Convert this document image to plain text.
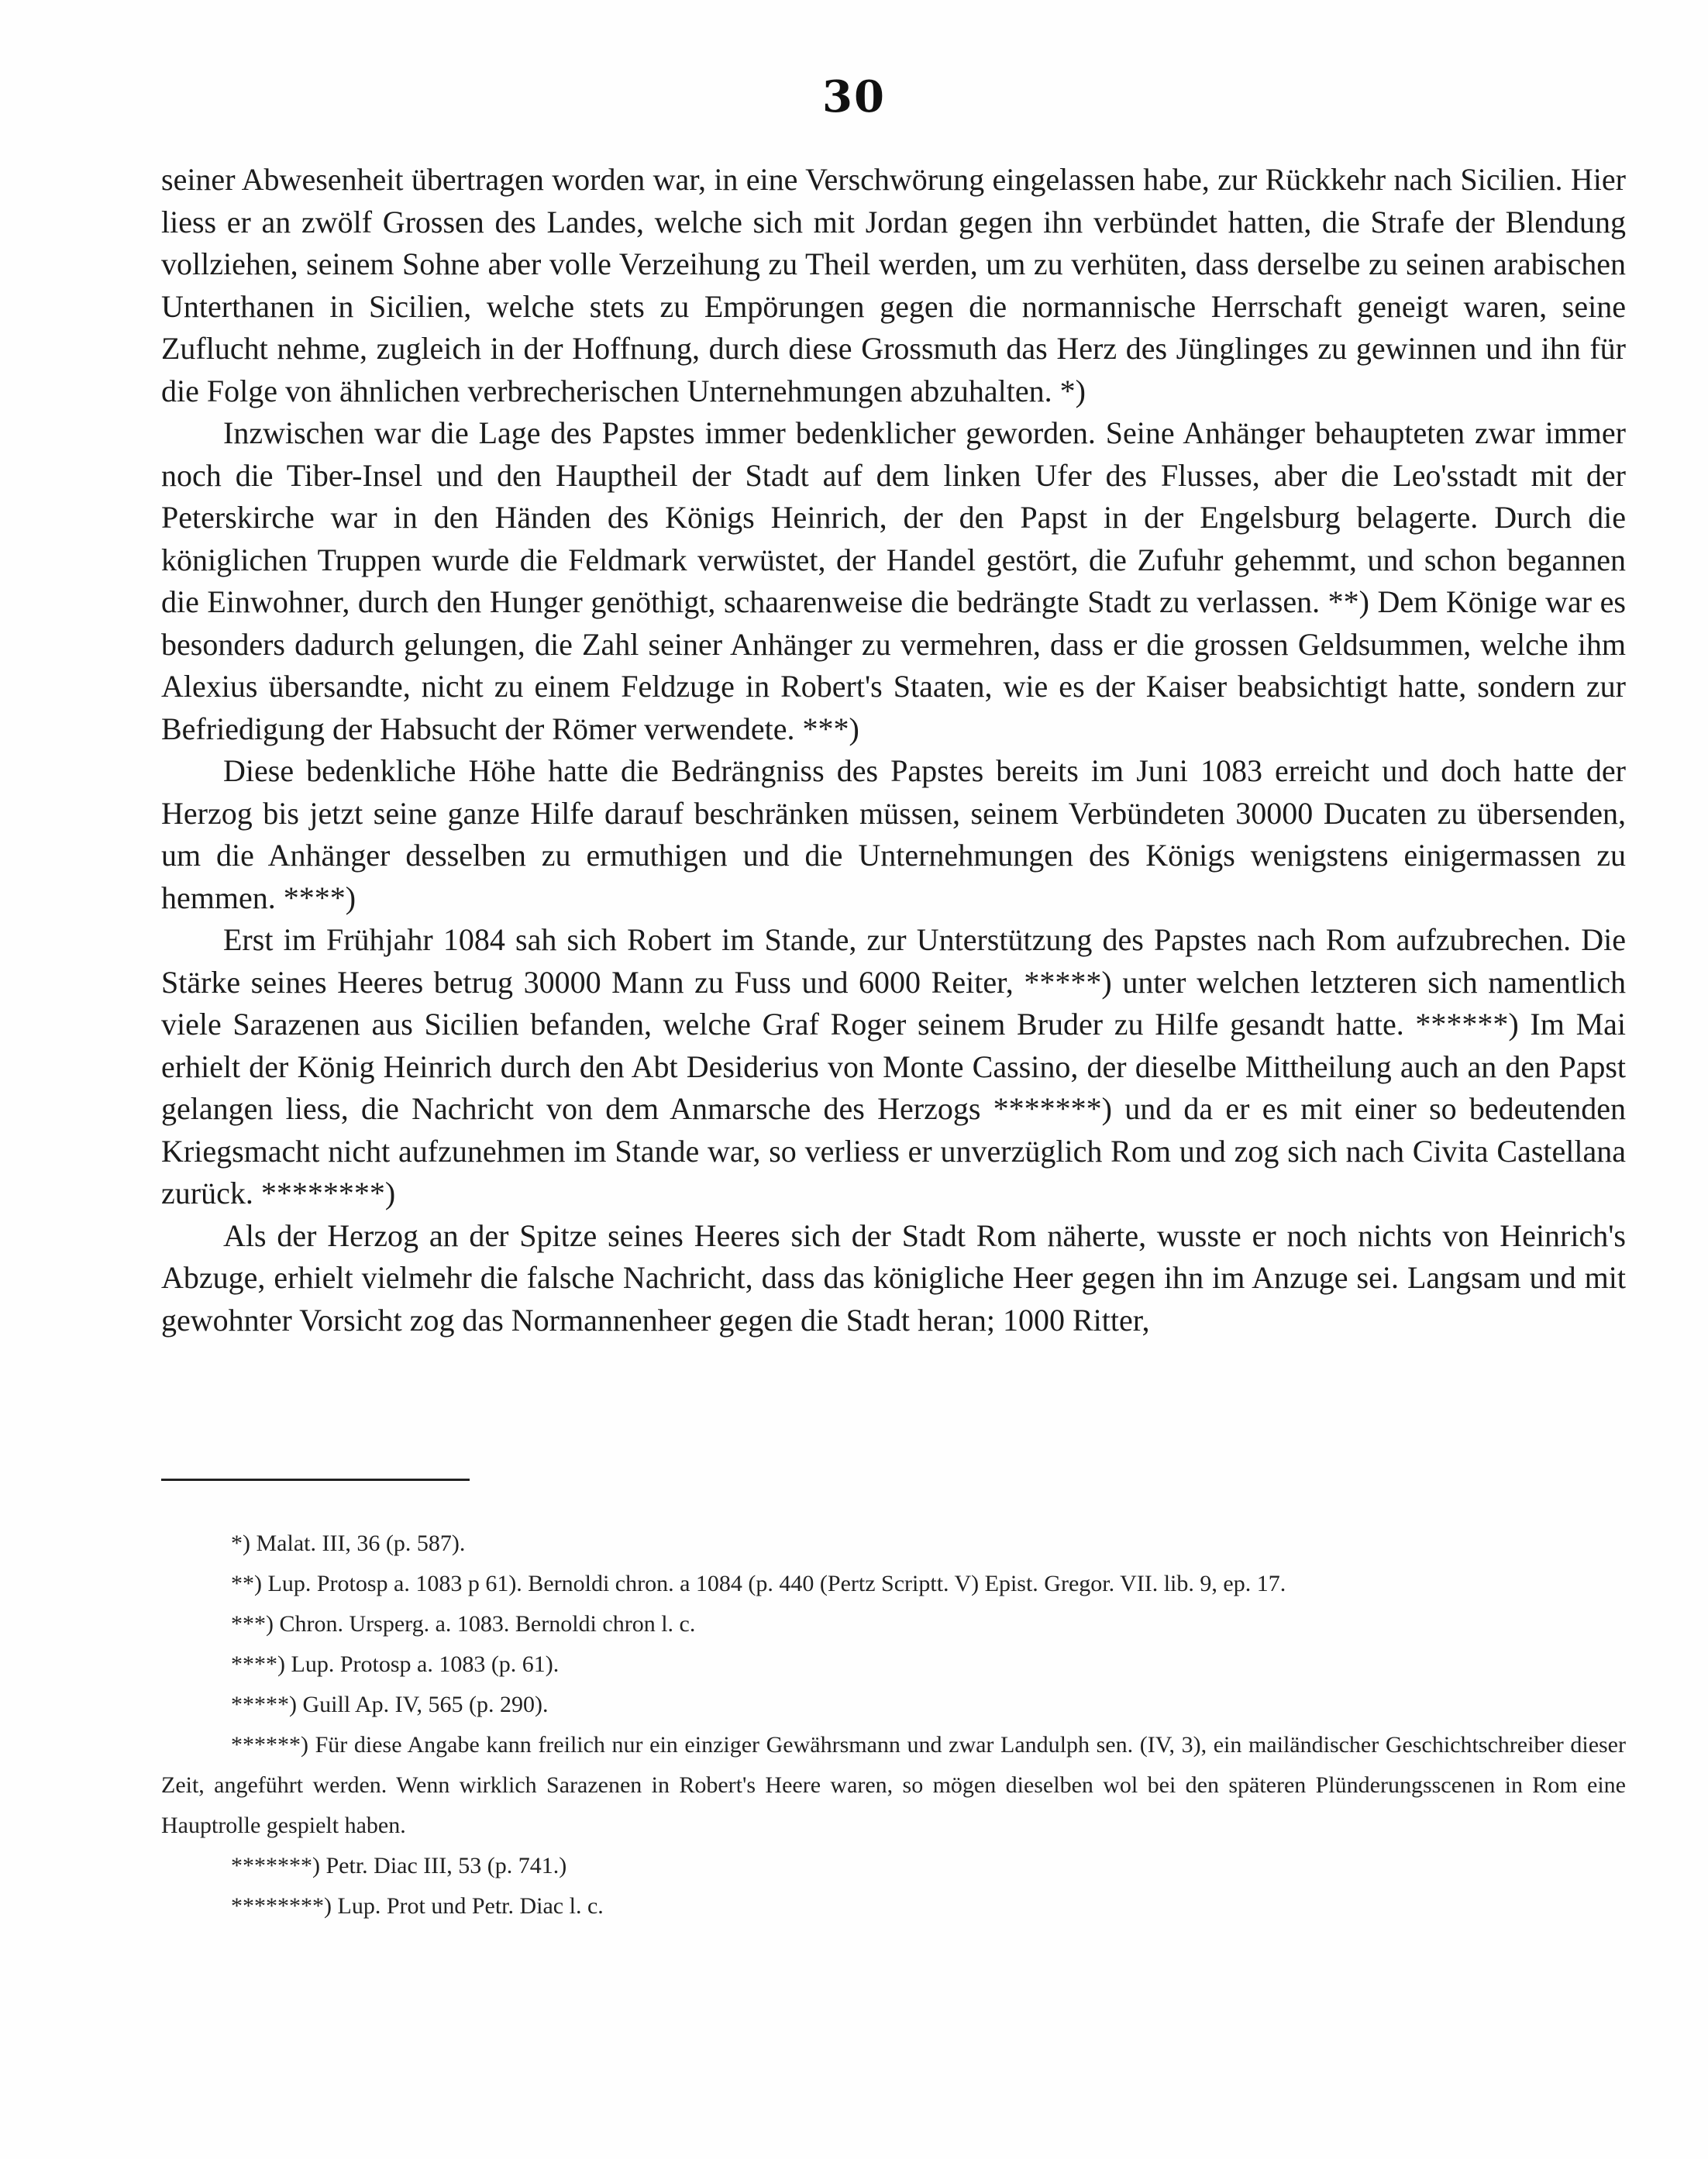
30

seiner Abwesenheit übertragen worden war, in eine Verschwörung eingelassen habe, zur Rückkehr nach Sicilien. Hier liess er an zwölf Grossen des Landes, welche sich mit Jordan gegen ihn verbündet hatten, die Strafe der Blendung vollziehen, seinem Sohne aber volle Verzeihung zu Theil werden, um zu verhüten, dass derselbe zu seinen arabischen Unterthanen in Sicilien, welche stets zu Empörungen gegen die normannische Herrschaft geneigt waren, seine Zuflucht nehme, zugleich in der Hoffnung, durch diese Grossmuth das Herz des Jünglinges zu gewinnen und ihn für die Folge von ähnlichen verbrecherischen Unternehmungen abzuhalten. *)

Inzwischen war die Lage des Papstes immer bedenklicher geworden. Seine Anhänger behaupteten zwar immer noch die Tiber-Insel und den Hauptheil der Stadt auf dem linken Ufer des Flusses, aber die Leo'sstadt mit der Peterskirche war in den Händen des Königs Heinrich, der den Papst in der Engelsburg belagerte. Durch die königlichen Truppen wurde die Feldmark verwüstet, der Handel gestört, die Zufuhr gehemmt, und schon begannen die Einwohner, durch den Hunger genöthigt, schaarenweise die bedrängte Stadt zu verlassen. **) Dem Könige war es besonders dadurch gelungen, die Zahl seiner Anhänger zu vermehren, dass er die grossen Geldsummen, welche ihm Alexius übersandte, nicht zu einem Feldzuge in Robert's Staaten, wie es der Kaiser beabsichtigt hatte, sondern zur Befriedigung der Habsucht der Römer verwendete. ***)

Diese bedenkliche Höhe hatte die Bedrängniss des Papstes bereits im Juni 1083 erreicht und doch hatte der Herzog bis jetzt seine ganze Hilfe darauf beschränken müssen, seinem Verbündeten 30000 Ducaten zu übersenden, um die Anhänger desselben zu ermuthigen und die Unternehmungen des Königs wenigstens einigermassen zu hemmen. ****)

Erst im Frühjahr 1084 sah sich Robert im Stande, zur Unterstützung des Papstes nach Rom aufzubrechen. Die Stärke seines Heeres betrug 30000 Mann zu Fuss und 6000 Reiter, *****) unter welchen letzteren sich namentlich viele Sarazenen aus Sicilien befanden, welche Graf Roger seinem Bruder zu Hilfe gesandt hatte. ******) Im Mai erhielt der König Heinrich durch den Abt Desiderius von Monte Cassino, der dieselbe Mittheilung auch an den Papst gelangen liess, die Nachricht von dem Anmarsche des Herzogs *******) und da er es mit einer so bedeutenden Kriegsmacht nicht aufzunehmen im Stande war, so verliess er unverzüglich Rom und zog sich nach Civita Castellana zurück. ********)

Als der Herzog an der Spitze seines Heeres sich der Stadt Rom näherte, wusste er noch nichts von Heinrich's Abzuge, erhielt vielmehr die falsche Nachricht, dass das königliche Heer gegen ihn im Anzuge sei. Langsam und mit gewohnter Vorsicht zog das Normannenheer gegen die Stadt heran; 1000 Ritter,

*) Malat. III, 36 (p. 587).

**) Lup. Protosp a. 1083 p 61). Bernoldi chron. a 1084 (p. 440 (Pertz Scriptt. V) Epist. Gregor. VII. lib. 9, ep. 17.

***) Chron. Ursperg. a. 1083. Bernoldi chron l. c.

****) Lup. Protosp a. 1083 (p. 61).

*****) Guill Ap. IV, 565 (p. 290).

******) Für diese Angabe kann freilich nur ein einziger Gewährsmann und zwar Landulph sen. (IV, 3), ein mailändischer Geschichtschreiber dieser Zeit, angeführt werden. Wenn wirklich Sarazenen in Robert's Heere waren, so mögen dieselben wol bei den späteren Plünderungsscenen in Rom eine Hauptrolle gespielt haben.

*******) Petr. Diac III, 53 (p. 741.)

********) Lup. Prot und Petr. Diac l. c.
